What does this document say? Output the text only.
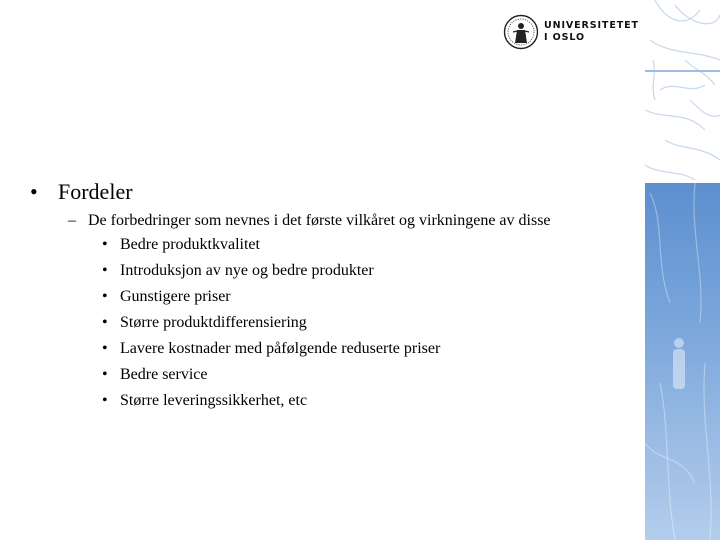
UNIVERSITETET
I OSLO
• Fordeler
– De forbedringer som nevnes i det første vilkåret og virkningene av disse
• Bedre produktkvalitet
• Introduksjon av nye og bedre produkter
• Gunstigere priser
• Større produktdifferensiering
• Lavere kostnader med påfølgende reduserte priser
• Bedre service
• Større leveringssikkerhet, etc
